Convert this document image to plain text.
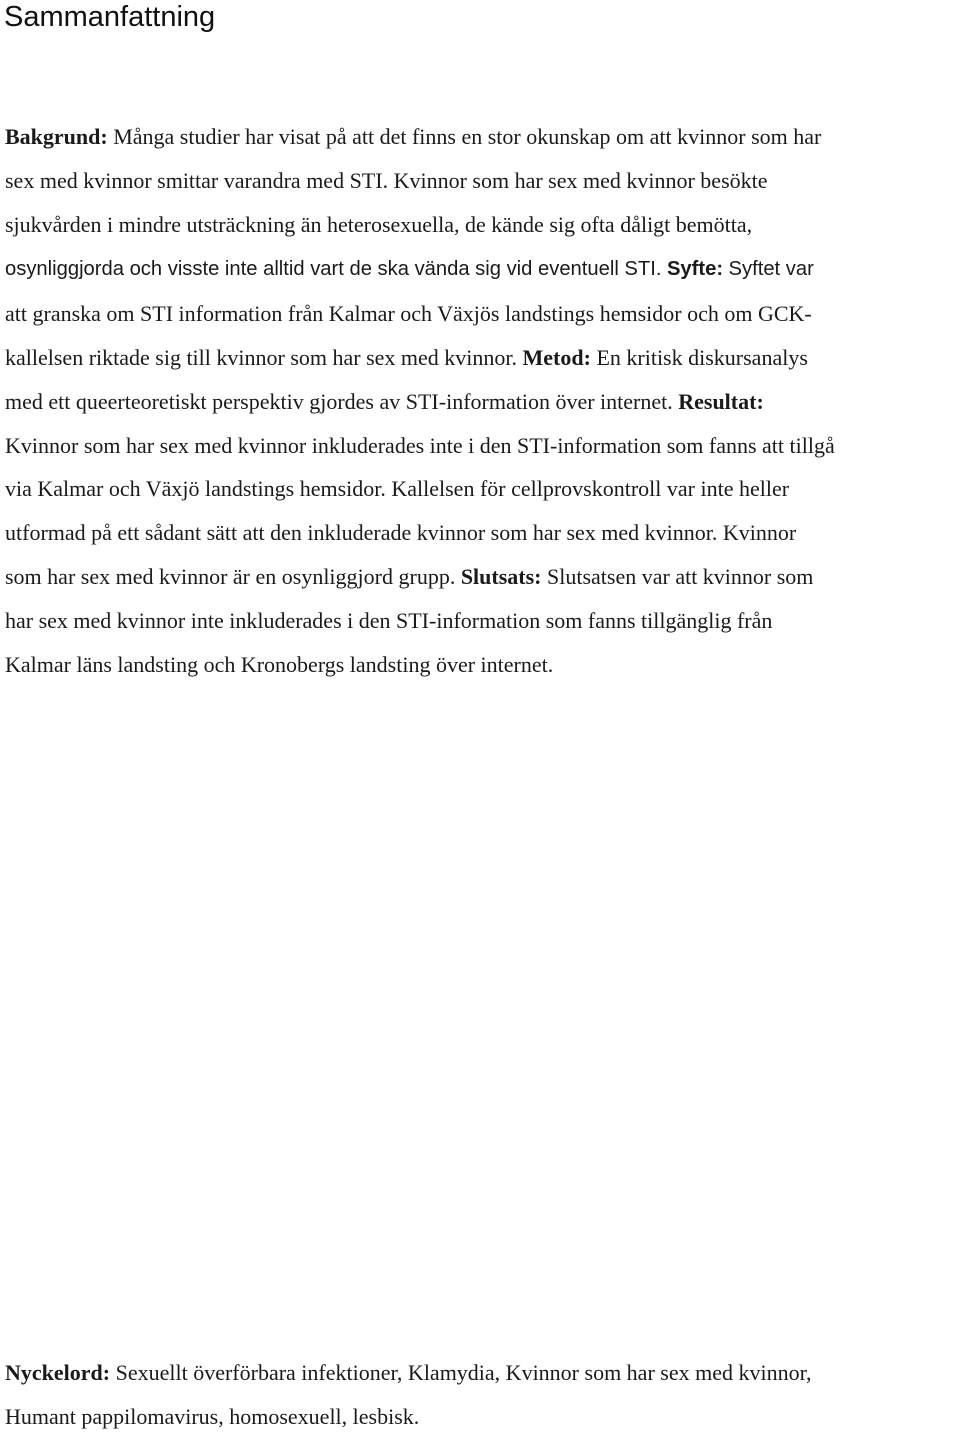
Sammanfattning

Bakgrund: Många studier har visat på att det finns en stor okunskap om att kvinnor som har
sex med kvinnor smittar varandra med STI. Kvinnor som har sex med kvinnor besökte
sjukvården i mindre utsträckning än heterosexuella, de kände sig ofta dåligt bemötta,
osynliggjorda och visste inte alltid vart de ska vända sig vid eventuell STI. Syfte: Syftet var
att granska om STI information från Kalmar och Växjös landstings hemsidor och om GCK-
kallelsen riktade sig till kvinnor som har sex med kvinnor. Metod: En kritisk diskursanalys
med ett queerteoretiskt perspektiv gjordes av STI-information över internet. Resultat:
Kvinnor som har sex med kvinnor inkluderades inte i den STI-information som fanns att tillgå
via Kalmar och Växjö landstings hemsidor. Kallelsen för cellprovskontroll var inte heller
utformad på ett sådant sätt att den inkluderade kvinnor som har sex med kvinnor. Kvinnor
som har sex med kvinnor är en osynliggjord grupp. Slutsats: Slutsatsen var att kvinnor som
har sex med kvinnor inte inkluderades i den STI-information som fanns tillgänglig från
Kalmar läns landsting och Kronobergs landsting över internet.

Nyckelord: Sexuellt överförbara infektioner, Klamydia, Kvinnor som har sex med kvinnor,
Humant pappilomavirus, homosexuell, lesbisk.
